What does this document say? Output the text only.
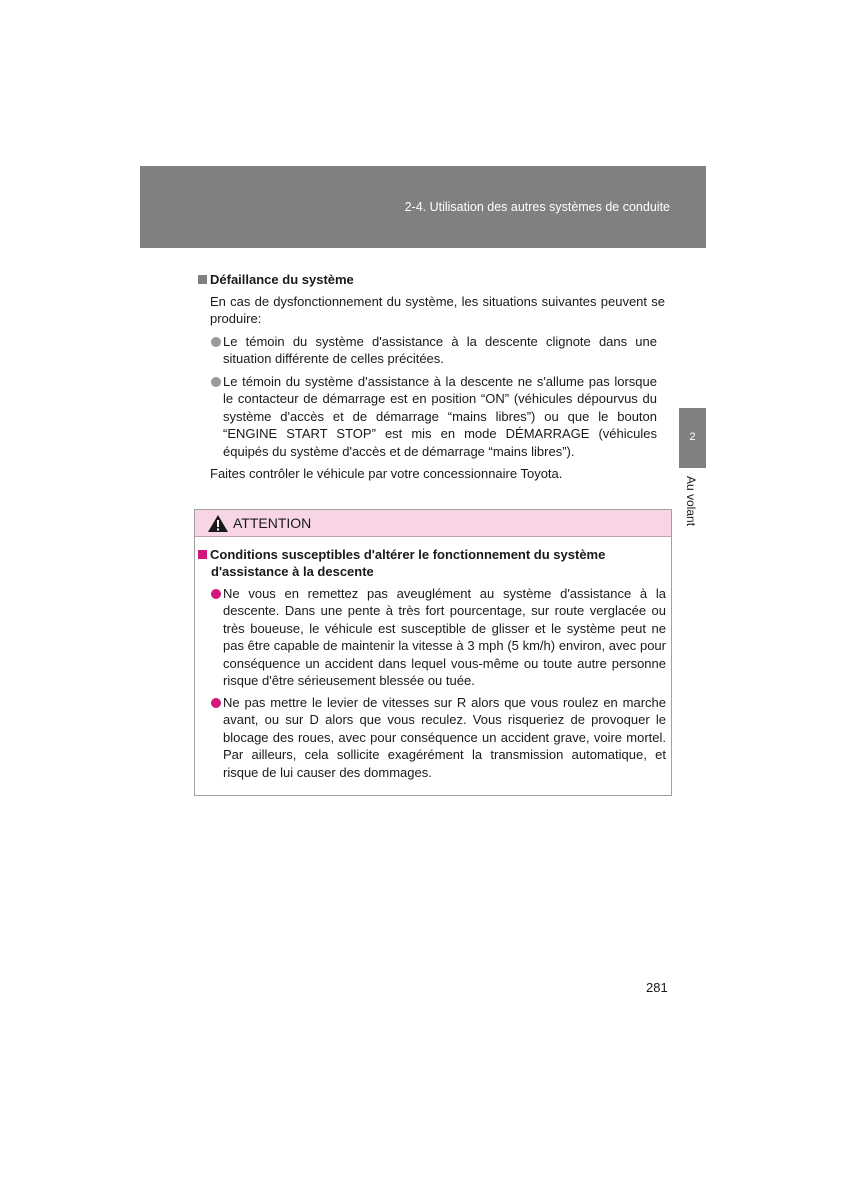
2-4. Utilisation des autres systèmes de conduite
2
Au volant
Défaillance du système

En cas de dysfonctionnement du système, les situations suivantes peuvent se produire:

Le témoin du système d'assistance à la descente clignote dans une situation différente de celles précitées.

Le témoin du système d'assistance à la descente ne s'allume pas lorsque le contacteur de démarrage est en position “ON” (véhicules dépourvus du système d'accès et de démarrage “mains libres”) ou que le bouton “ENGINE START STOP” est mis en mode DÉMARRAGE (véhicules équipés du système d'accès et de démarrage “mains libres”).

Faites contrôler le véhicule par votre concessionnaire Toyota.

ATTENTION
Conditions susceptibles d'altérer le fonctionnement du système
d'assistance à la descente

Ne vous en remettez pas aveuglément au système d'assistance à la descente. Dans une pente à très fort pourcentage, sur route verglacée ou très boueuse, le véhicule est susceptible de glisser et le système peut ne pas être capable de maintenir la vitesse à 3 mph (5 km/h) environ, avec pour conséquence un accident dans lequel vous-même ou toute autre personne risque d'être sérieusement blessée ou tuée.

Ne pas mettre le levier de vitesses sur R alors que vous roulez en marche avant, ou sur D alors que vous reculez. Vous risqueriez de provoquer le blocage des roues, avec pour conséquence un accident grave, voire mortel. Par ailleurs, cela sollicite exagérément la transmission automatique, et risque de lui causer des dommages.

281
